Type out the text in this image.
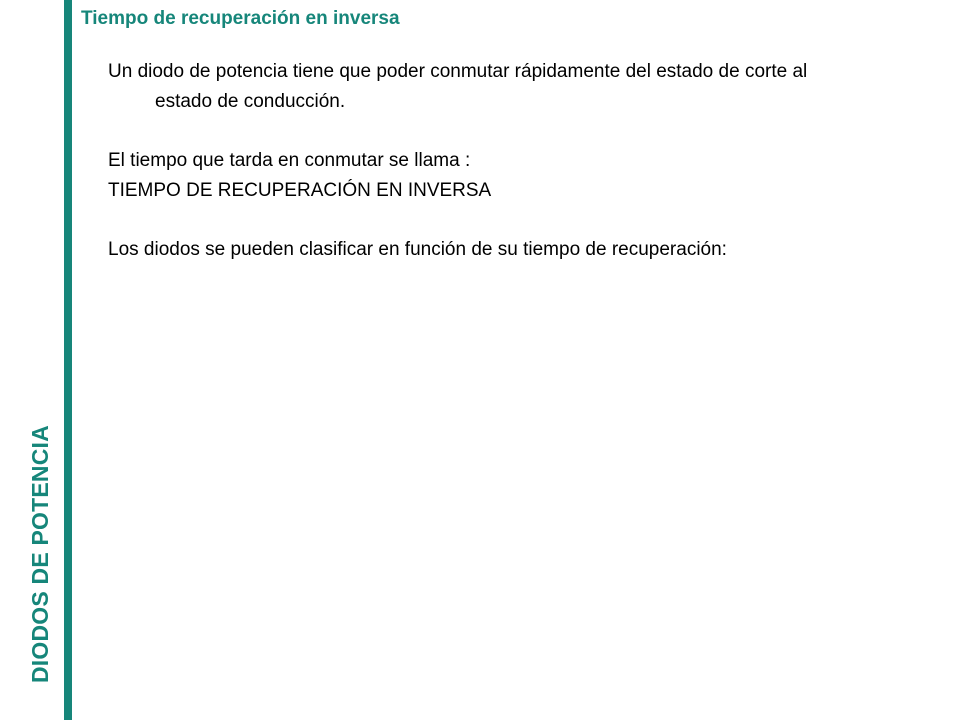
DIODOS DE POTENCIA
Tiempo de recuperación en inversa

Un diodo de potencia tiene que poder conmutar rápidamente del estado de corte al estado de conducción.

El tiempo que tarda en conmutar se llama :

TIEMPO DE RECUPERACIÓN EN INVERSA

Los diodos se pueden clasificar en función de su tiempo de recuperación:
